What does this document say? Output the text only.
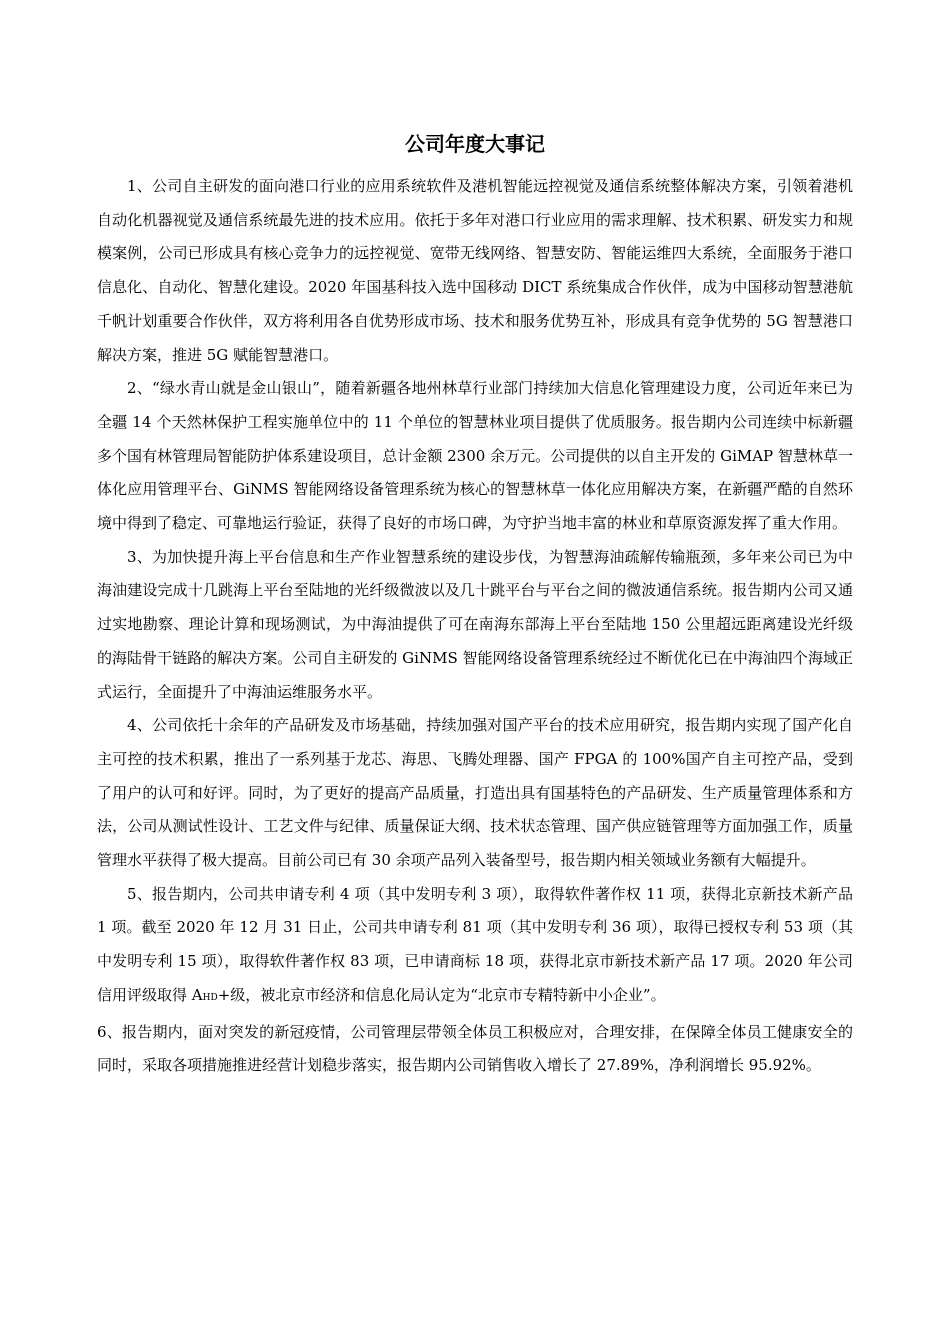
公司年度大事记

1、公司自主研发的面向港口行业的应用系统软件及港机智能远控视觉及通信系统整体解决方案，引领着港机自动化机器视觉及通信系统最先进的技术应用。依托于多年对港口行业应用的需求理解、技术积累、研发实力和规模案例，公司已形成具有核心竞争力的远控视觉、宽带无线网络、智慧安防、智能运维四大系统，全面服务于港口信息化、自动化、智慧化建设。2020 年国基科技入选中国移动 DICT 系统集成合作伙伴，成为中国移动智慧港航千帆计划重要合作伙伴，双方将利用各自优势形成市场、技术和服务优势互补，形成具有竞争优势的 5G 智慧港口解决方案，推进 5G 赋能智慧港口。

2、“绿水青山就是金山银山”，随着新疆各地州林草行业部门持续加大信息化管理建设力度，公司近年来已为全疆 14 个天然林保护工程实施单位中的 11 个单位的智慧林业项目提供了优质服务。报告期内公司连续中标新疆多个国有林管理局智能防护体系建设项目，总计金额 2300 余万元。公司提供的以自主开发的 GiMAP 智慧林草一体化应用管理平台、GiNMS 智能网络设备管理系统为核心的智慧林草一体化应用解决方案，在新疆严酷的自然环境中得到了稳定、可靠地运行验证，获得了良好的市场口碑，为守护当地丰富的林业和草原资源发挥了重大作用。

3、为加快提升海上平台信息和生产作业智慧系统的建设步伐，为智慧海油疏解传输瓶颈，多年来公司已为中海油建设完成十几跳海上平台至陆地的光纤级微波以及几十跳平台与平台之间的微波通信系统。报告期内公司又通过实地勘察、理论计算和现场测试，为中海油提供了可在南海东部海上平台至陆地 150 公里超远距离建设光纤级的海陆骨干链路的解决方案。公司自主研发的 GiNMS 智能网络设备管理系统经过不断优化已在中海油四个海域正式运行，全面提升了中海油运维服务水平。

4、公司依托十余年的产品研发及市场基础，持续加强对国产平台的技术应用研究，报告期内实现了国产化自主可控的技术积累，推出了一系列基于龙芯、海思、飞腾处理器、国产 FPGA 的 100%国产自主可控产品，受到了用户的认可和好评。同时，为了更好的提高产品质量，打造出具有国基特色的产品研发、生产质量管理体系和方法，公司从测试性设计、工艺文件与纪律、质量保证大纲、技术状态管理、国产供应链管理等方面加强工作，质量管理水平获得了极大提高。目前公司已有 30 余项产品列入装备型号，报告期内相关领域业务额有大幅提升。

5、报告期内，公司共申请专利 4 项（其中发明专利 3 项），取得软件著作权 11 项，获得北京新技术新产品 1 项。截至 2020 年 12 月 31 日止，公司共申请专利 81 项（其中发明专利 36 项），取得已授权专利 53 项（其中发明专利 15 项），取得软件著作权 83 项，已申请商标 18 项，获得北京市新技术新产品 17 项。2020 年公司信用评级取得 AHD+级，被北京市经济和信息化局认定为“北京市专精特新中小企业”。

6、报告期内，面对突发的新冠疫情，公司管理层带领全体员工积极应对，合理安排，在保障全体员工健康安全的同时，采取各项措施推进经营计划稳步落实，报告期内公司销售收入增长了 27.89%，净利润增长 95.92%。
